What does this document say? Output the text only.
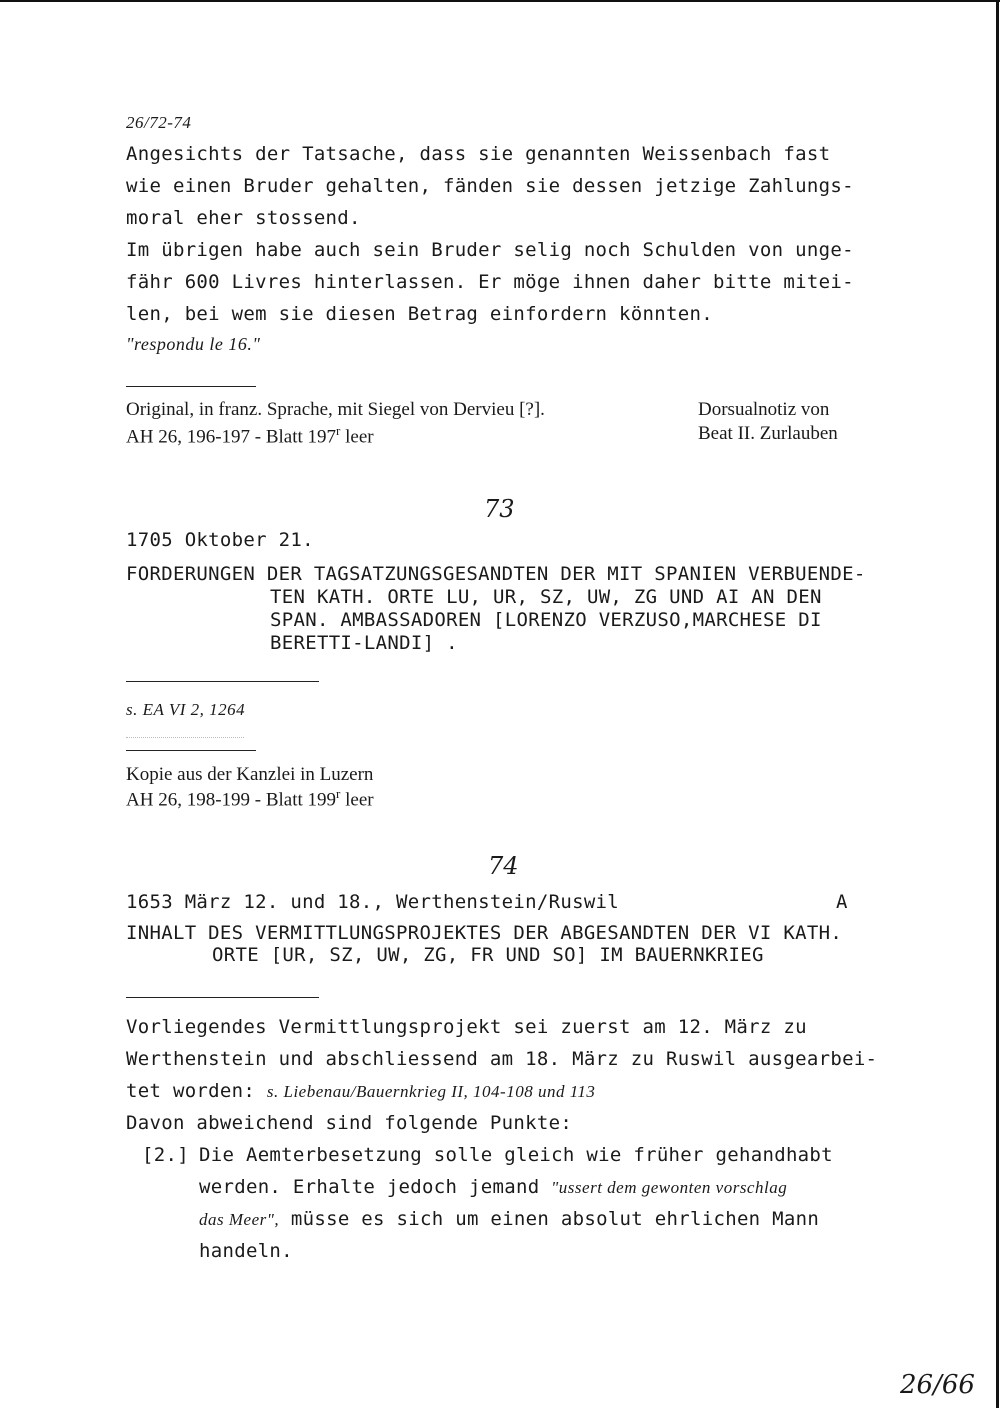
26/72-74
Angesichts der Tatsache, dass sie genannten Weissenbach fast
wie einen Bruder gehalten, fänden sie dessen jetzige Zahlungs-
moral eher stossend.
Im übrigen habe auch sein Bruder selig noch Schulden von unge-
fähr 600 Livres hinterlassen. Er möge ihnen daher bitte mitei-
len, bei wem sie diesen Betrag einfordern könnten.
"respondu le 16."
Original, in franz. Sprache, mit Siegel von Dervieu [?].	Dorsualnotiz von
AH 26, 196-197 - Blatt 197$^r$ leer	Beat II. Zurlauben
73
1705 Oktober 21.
FORDERUNGEN DER TAGSATZUNGSGESANDTEN DER MIT SPANIEN VERBUENDE-
TEN KATH. ORTE LU, UR, SZ, UW, ZG UND AI AN DEN
SPAN. AMBASSADOREN [LORENZO VERZUSO,MARCHESE DI
BERETTI-LANDI] .
s. EA VI 2, 1264
Kopie aus der Kanzlei in Luzern
AH 26, 198-199 - Blatt 199$^r$ leer
74
1653 März 12. und 18., Werthenstein/Ruswil	A
INHALT DES VERMITTLUNGSPROJEKTES DER ABGESANDTEN DER VI KATH.
ORTE [UR, SZ, UW, ZG, FR UND SO] IM BAUERNKRIEG
Vorliegendes Vermittlungsprojekt sei zuerst am 12. März zu
Werthenstein und abschliessend am 18. März zu Ruswil ausgearbei-
tet worden: s. Liebenau/Bauernkrieg II, 104-108 und 113
Davon abweichend sind folgende Punkte:
[2.] Die Aemterbesetzung solle gleich wie früher gehandhabt
werden. Erhalte jedoch jemand "ussert dem gewonten vorschlag
das Meer", müsse es sich um einen absolut ehrlichen Mann
handeln.
26/66
